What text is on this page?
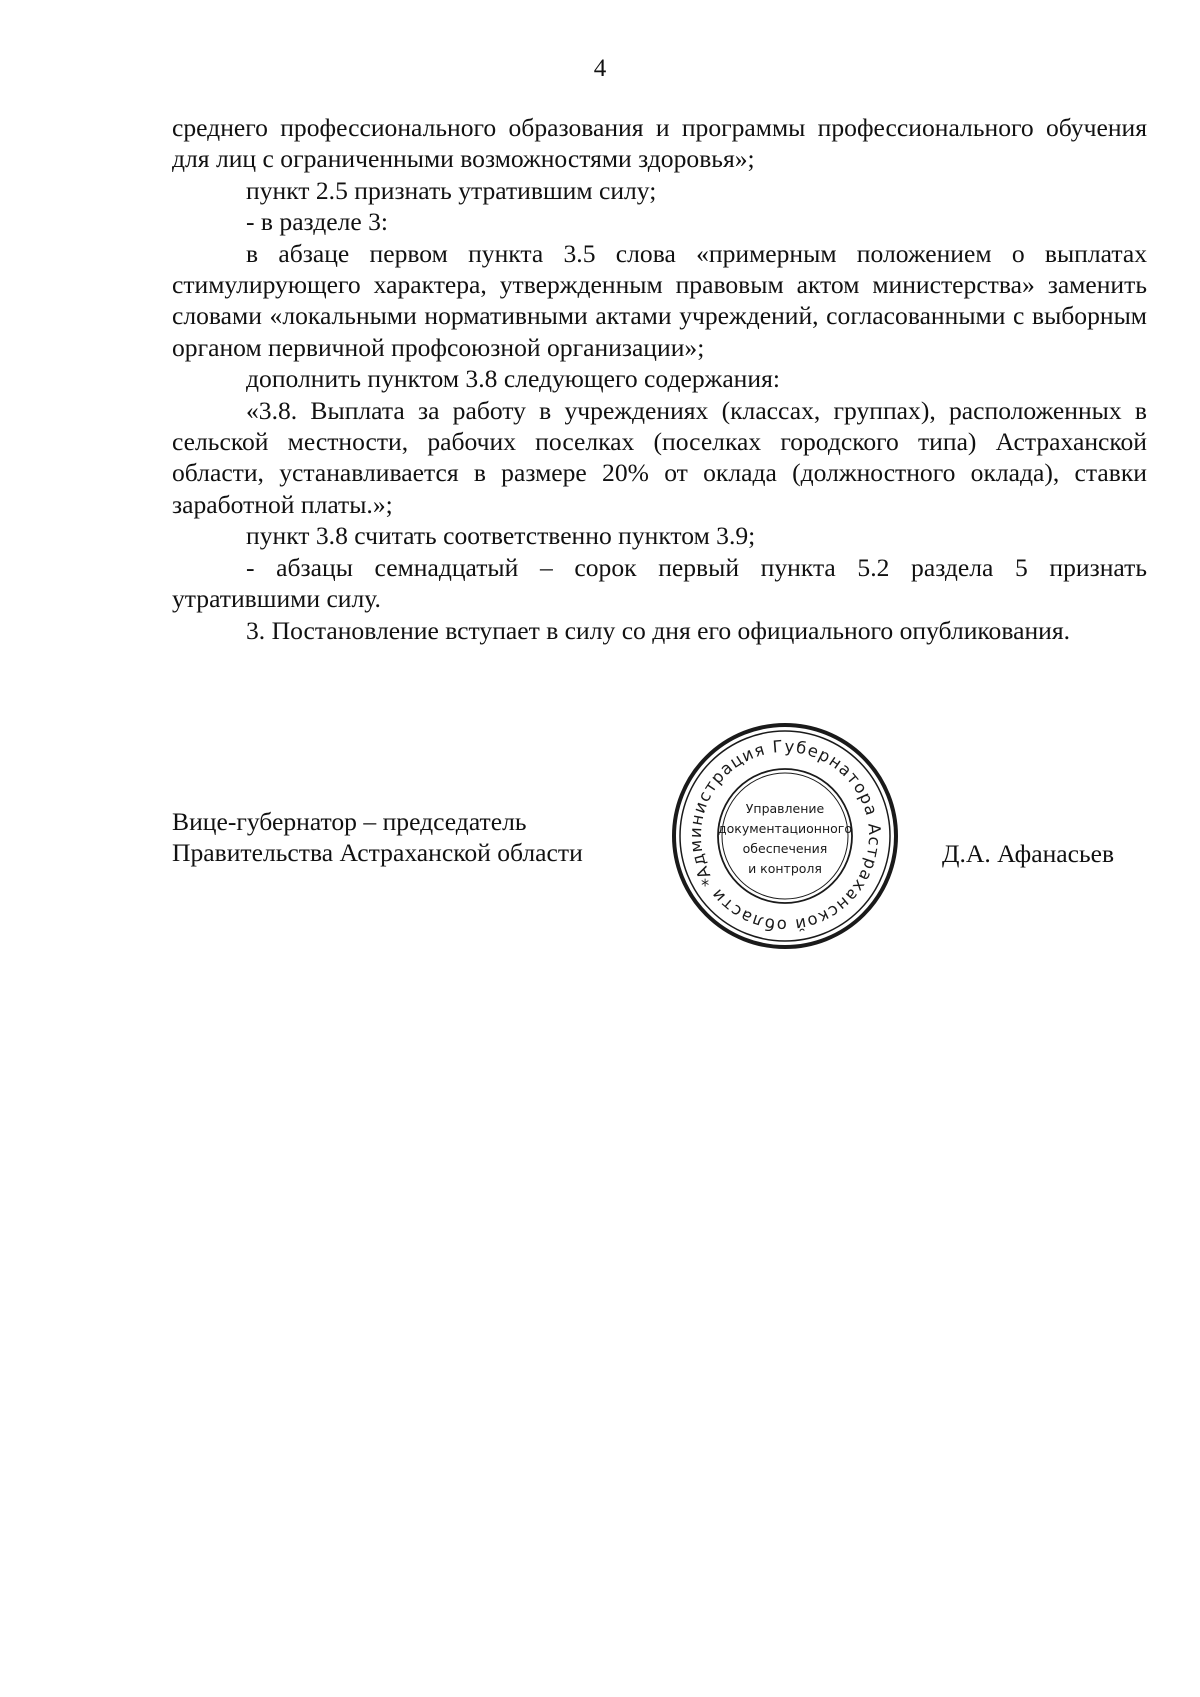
4

среднего профессионального образования и программы профессионального обучения для лиц с ограниченными возможностями здоровья»;

пункт 2.5 признать утратившим силу;

- в разделе 3:

в абзаце первом пункта 3.5 слова «примерным положением о выплатах стимулирующего характера, утвержденным правовым актом министерства» заменить словами «локальными нормативными актами учреждений, согласованными с выборным органом первичной профсоюзной организации»;

дополнить пунктом 3.8 следующего содержания:

«3.8. Выплата за работу в учреждениях (классах, группах), расположенных в сельской местности, рабочих поселках (поселках городского типа) Астраханской области, устанавливается в размере 20% от оклада (должностного оклада), ставки заработной платы.»;

пункт 3.8 считать соответственно пунктом 3.9;

- абзацы семнадцатый – сорок первый пункта 5.2 раздела 5 признать утратившими силу.

3. Постановление вступает в силу со дня его официального опубликования.

Вице-губернатор – председатель
Правительства Астраханской области	Д.А. Афанасьев
Администрация Губернатора Астраханской области *
Управление
документационного
обеспечения
и контроля
